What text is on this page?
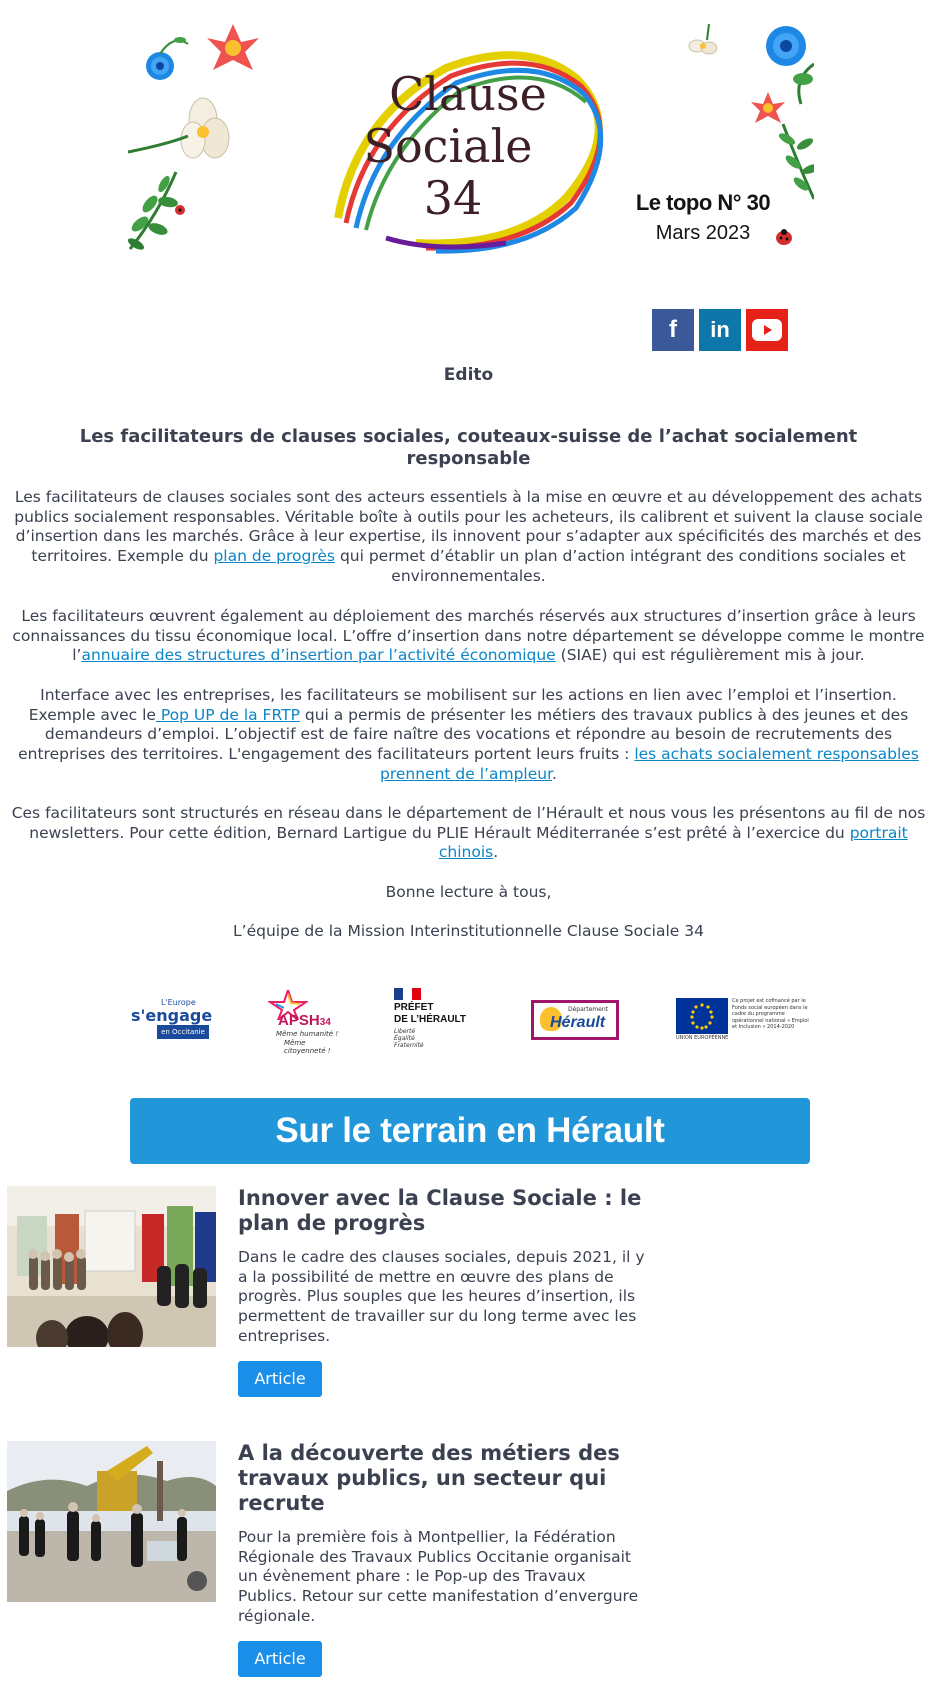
Clause
Sociale
34	Le topo N° 30
Mars 2023
f in
Edito
Les facilitateurs de clauses sociales, couteaux-suisse de l’achat socialement responsable
Les facilitateurs de clauses sociales sont des acteurs essentiels à la mise en œuvre et au développement des achats publics socialement responsables. Véritable boîte à outils pour les acheteurs, ils calibrent et suivent la clause sociale d’insertion dans les marchés. Grâce à leur expertise, ils innovent pour s’adapter aux spécificités des marchés et des territoires. Exemple du plan de progrès qui permet d’établir un plan d’action intégrant des conditions sociales et environnementales.
Les facilitateurs œuvrent également au déploiement des marchés réservés aux structures d’insertion grâce à leurs connaissances du tissu économique local. L’offre d’insertion dans notre département se développe comme le montre l’annuaire des structures d’insertion par l’activité économique (SIAE) qui est régulièrement mis à jour.
Interface avec les entreprises, les facilitateurs se mobilisent sur les actions en lien avec l’emploi et l’insertion. Exemple avec le Pop UP de la FRTP qui a permis de présenter les métiers des travaux publics à des jeunes et des demandeurs d’emploi. L’objectif est de faire naître des vocations et répondre au besoin de recrutements des entreprises des territoires. L'engagement des facilitateurs portent leurs fruits : les achats socialement responsables prennent de l’ampleur.
Ces facilitateurs sont structurés en réseau dans le département de l’Hérault et nous vous les présentons au fil de nos newsletters. Pour cette édition, Bernard Lartigue du PLIE Hérault Méditerranée s’est prêté à l’exercice du portrait chinois.
Bonne lecture à tous,
L’équipe de la Mission Interinstitutionnelle Clause Sociale 34
L'Europe
s'engage
en Occitanie
APSH34
Même humanité !
Même citoyenneté !
PRÉFET
DE L’HÉRAULT
Liberté
Égalité
Fraternité
Département
Hérault
UNION EUROPÉENNE
Ce projet est cofinancé par le Fonds social européen dans le cadre du programme opérationnel national « Emploi et Inclusion » 2014-2020
Sur le terrain en Hérault
Innover avec la Clause Sociale : le plan de progrès
Dans le cadre des clauses sociales, depuis 2021, il y a la possibilité de mettre en œuvre des plans de progrès. Plus souples que les heures d’insertion, ils permettent de travailler sur du long terme avec les entreprises.
Article
A la découverte des métiers des travaux publics, un secteur qui recrute
Pour la première fois à Montpellier, la Fédération Régionale des Travaux Publics Occitanie organisait un évènement phare : le Pop-up des Travaux Publics. Retour sur cette manifestation d’envergure régionale.
Article
